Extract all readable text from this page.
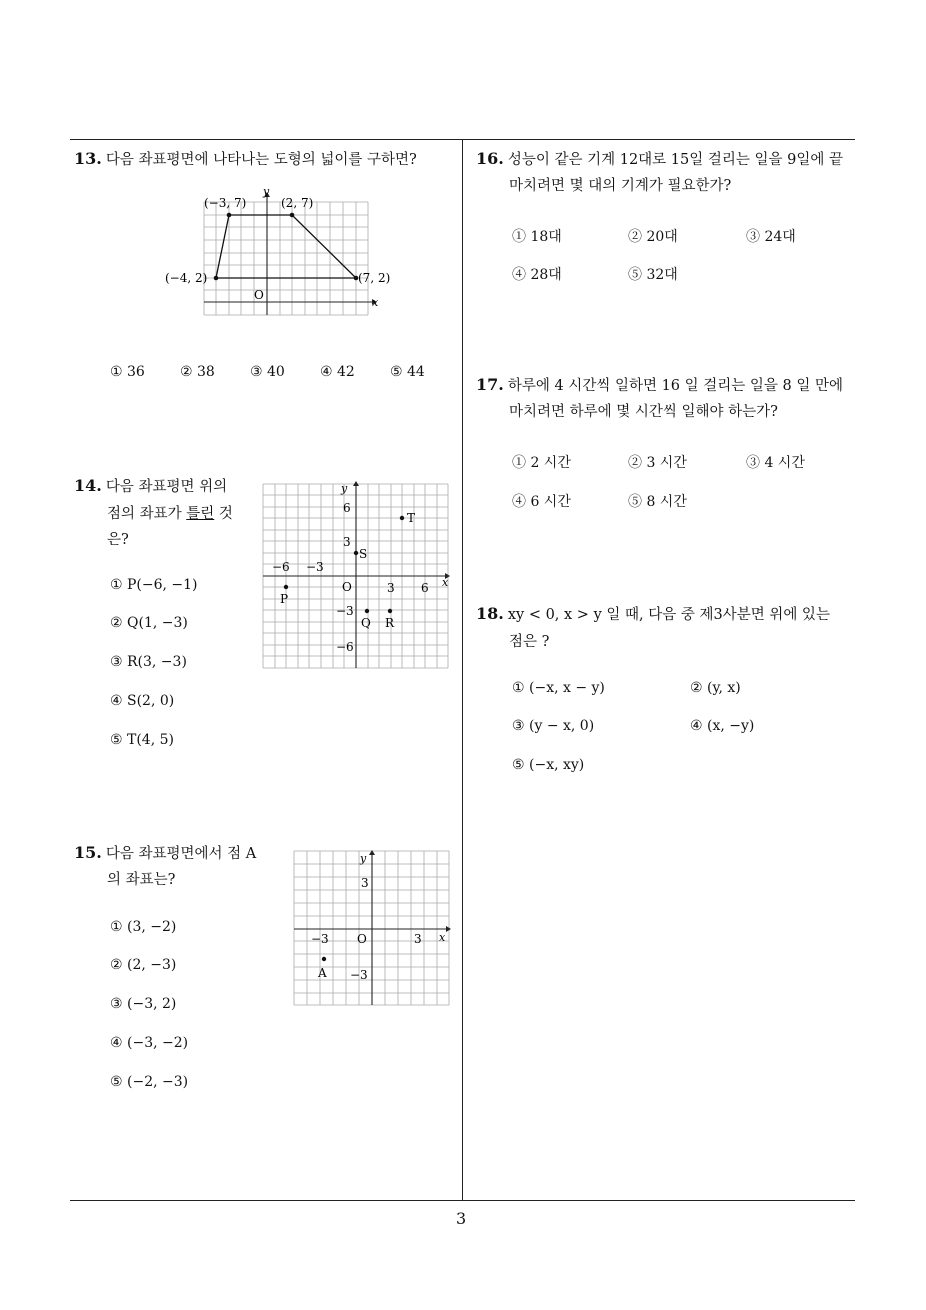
3
13. 다음 좌표평면에 나타나는 도형의 넓이를 구하면?
(−3, 7)	(2, 7)
(−4, 2)	(7, 2)
O
x
y
① 36	② 38	③ 40	④ 42	⑤ 44
14. 다음 좌표평면 위의
점의 좌표가 틀린 것
은?
y
x
6
3
−6 −3
O	3 6
−3
−6
P
Q R
S
T
① P(−6, −1)
② Q(1, −3)
③ R(3, −3)
④ S(2, 0)
⑤ T(4, 5)
15. 다음 좌표평면에서 점 A
의 좌표는?
y
x
3
−3 O	3
−3
A
① (3, −2)
② (2, −3)
③ (−3, 2)
④ (−3, −2)
⑤ (−2, −3)
16. 성능이 같은 기계 12대로 15일 걸리는 일을 9일에 끝
마치려면 몇 대의 기계가 필요한가?
① 18대	② 20대	③ 24대
④ 28대	⑤ 32대
17. 하루에 4 시간씩 일하면 16 일 걸리는 일을 8 일 만에
마치려면 하루에 몇 시간씩 일해야 하는가?
① 2 시간	② 3 시간	③ 4 시간
④ 6 시간	⑤ 8 시간
18. xy < 0, x > y 일 때, 다음 중 제3사분면 위에 있는
점은 ?
① (−x, x − y)	② (y, x)
③ (y − x, 0)	④ (x, −y)
⑤ (−x, xy)
